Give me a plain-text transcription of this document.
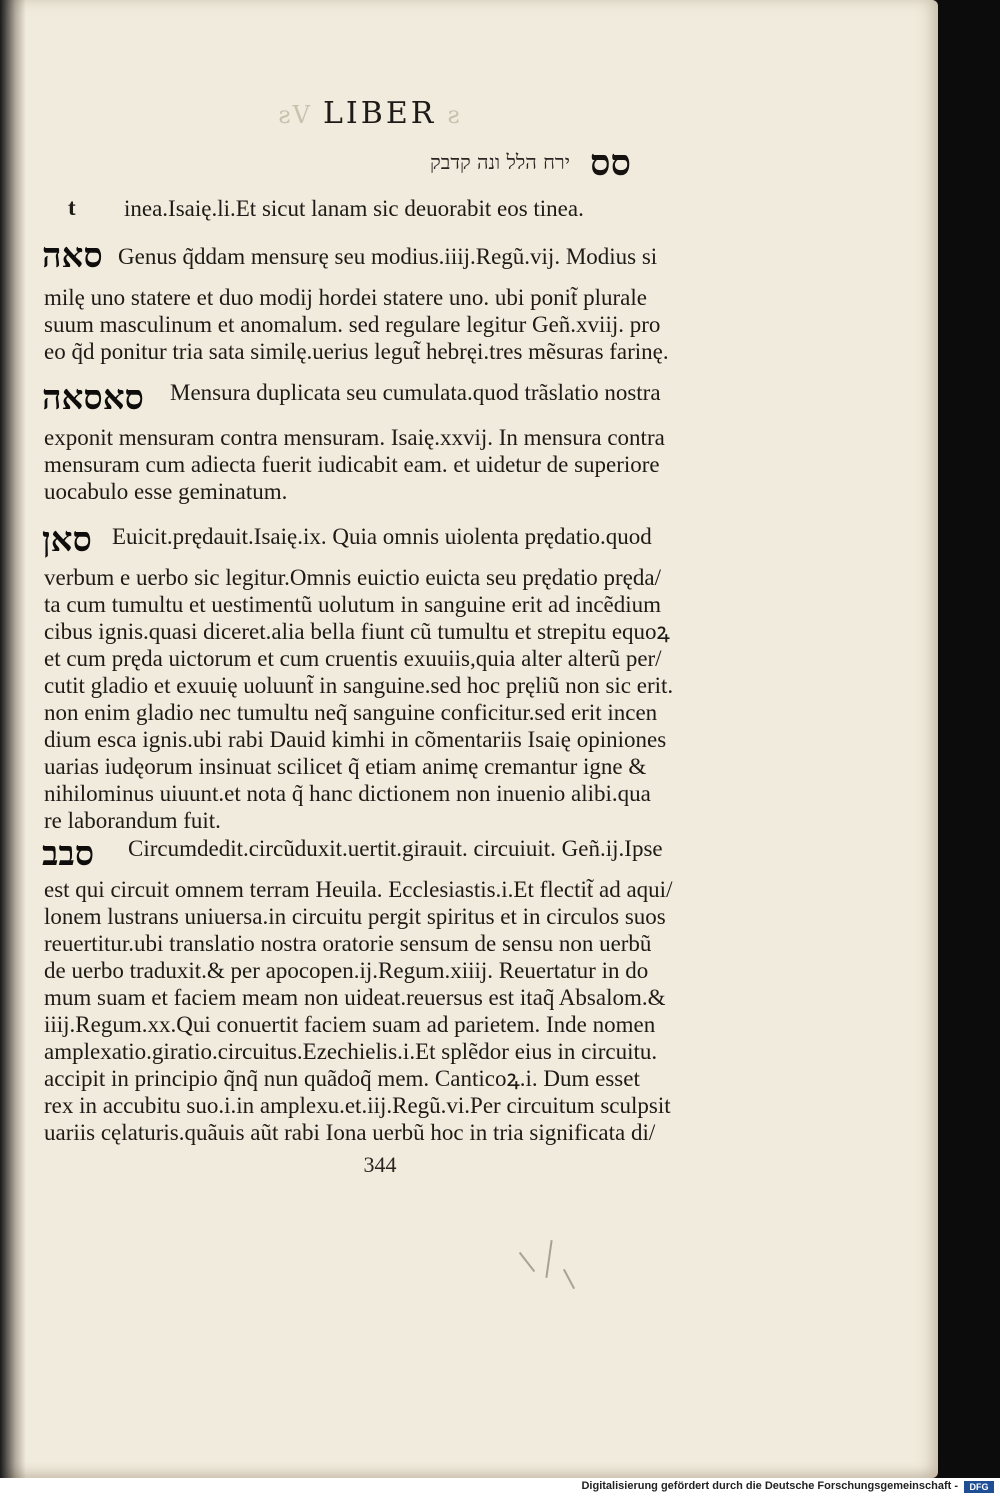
ƨV LIBER ƨ
ירח הלל ונה קדבק סס
t inea.Isaię.li.Et sicut lanam sic deuorabit eos tinea.
סאה Genus q̃ddam mensurę seu modius.iiij.Regũ.vij. Modius si
milę uno statere et duo modij hordei statere uno. ubi ponit̃ plurale
suum masculinum et anomalum. sed regulare legitur Geñ.xviij. pro
eo q̃d ponitur tria sata similę.uerius legut̃ hebręi.tres mẽsuras farinę.
סאסאה Mensura duplicata seu cumulata.quod trãslatio nostra
exponit mensuram contra mensuram. Isaię.xxvij. In mensura contra
mensuram cum adiecta fuerit iudicabit eam. et uidetur de superiore
uocabulo esse geminatum.
סאן Euicit.prędauit.Isaię.ix. Quia omnis uiolenta prędatio.quod
verbum e uerbo sic legitur.Omnis euictio euicta seu prędatio pręda/
ta cum tumultu et uestimentũ uolutum in sanguine erit ad incẽdium
cibus ignis.quasi diceret.alia bella fiunt cũ tumultu et strepitu equoꝝ
et cum pręda uictorum et cum cruentis exuuiis,quia alter alterũ per/
cutit gladio et exuuię uoluunt̃ in sanguine.sed hoc pręliũ non sic erit.
non enim gladio nec tumultu neq̃ sanguine conficitur.sed erit incen
dium esca ignis.ubi rabi Dauid kimhi in cõmentariis Isaię opiniones
uarias iudęorum insinuat scilicet q̃ etiam animę cremantur igne &
nihilominus uiuunt.et nota q̃ hanc dictionem non inuenio alibi.qua
re laborandum fuit.
סבב Circumdedit.circũduxit.uertit.girauit. circuiuit. Geñ.ij.Ipse
est qui circuit omnem terram Heuila. Ecclesiastis.i.Et flectit̃ ad aqui/
lonem lustrans uniuersa.in circuitu pergit spiritus et in circulos suos
reuertitur.ubi translatio nostra oratorie sensum de sensu non uerbũ
de uerbo traduxit.& per apocopen.ij.Regum.xiiij. Reuertatur in do
mum suam et faciem meam non uideat.reuersus est itaq̃ Absalom.&
iiij.Regum.xx.Qui conuertit faciem suam ad parietem. Inde nomen
amplexatio.giratio.circuitus.Ezechielis.i.Et splẽdor eius in circuitu.
accipit in principio q̃nq̃ nun quãdoq̃ mem. Canticoꝝ.i. Dum esset
rex in accubitu suo.i.in amplexu.et.iij.Regũ.vi.Per circuitum sculpsit
uariis cęlaturis.quãuis aũt rabi Iona uerbũ hoc in tria significata di/
344
Digitalisierung gefördert durch die Deutsche Forschungsgemeinschaft -	DFG
